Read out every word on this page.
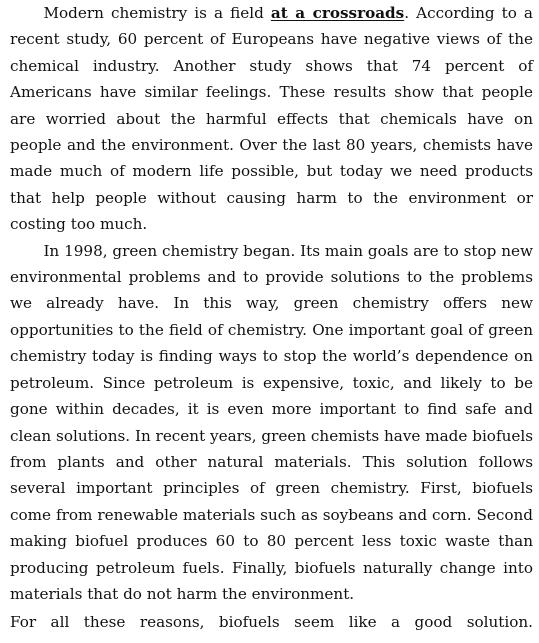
Modern chemistry is a field at a crossroads. According to a recent study, 60 percent of Europeans have negative views of the chemical industry. Another study shows that 74 percent of Americans have similar feelings. These results show that people are worried about the harmful effects that chemicals have on people and the environment. Over the last 80 years, chemists have made much of modern life possible, but today we need products that help people without causing harm to the environment or costing too much.

In 1998, green chemistry began. Its main goals are to stop new environmental problems and to provide solutions to the problems we already have. In this way, green chemistry offers new opportunities to the field of chemistry. One important goal of green chemistry today is finding ways to stop the world’s dependence on petroleum. Since petroleum is expensive, toxic, and likely to be gone within decades, it is even more important to find safe and clean solutions. In recent years, green chemists have made biofuels from plants and other natural materials. This solution follows several important principles of green chemistry. First, biofuels come from renewable materials such as soybeans and corn. Second making biofuel produces 60 to 80 percent less toxic waste than producing petroleum fuels. Finally, biofuels naturally change into materials that do not harm the environment.

For all these reasons, biofuels seem like a good solution.
